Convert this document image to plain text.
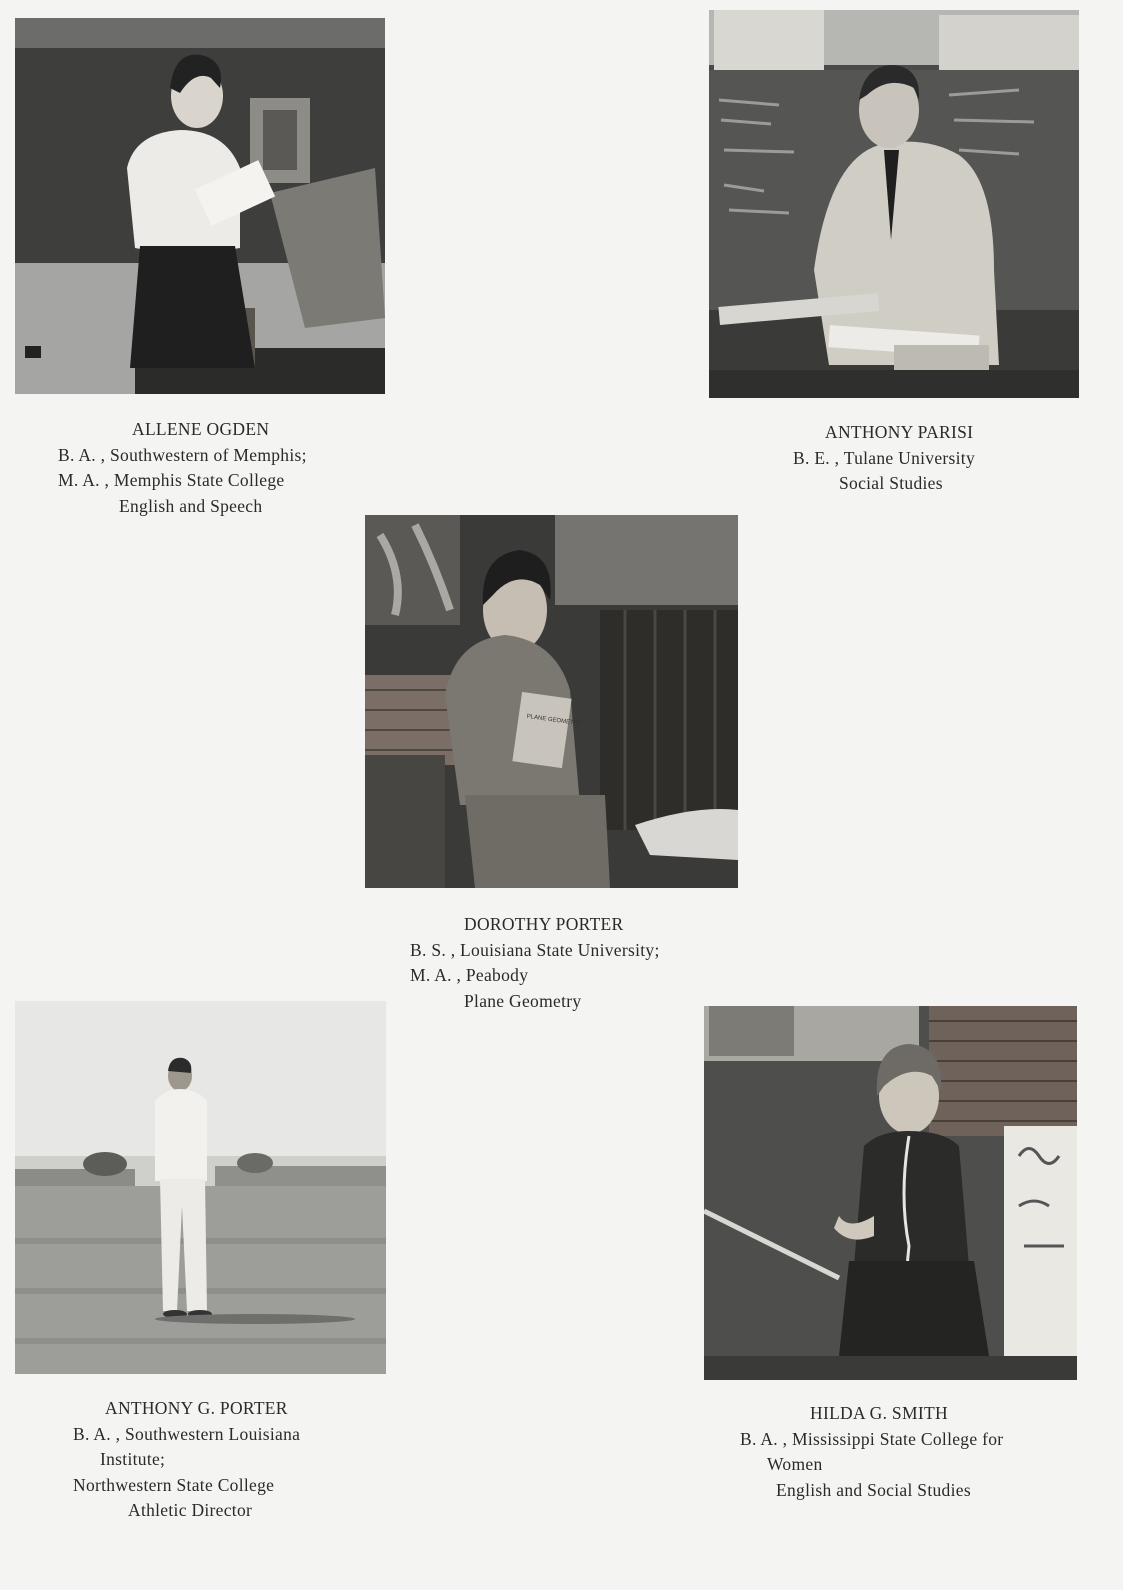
PLANE GEOMETRY
ALLENE OGDEN
B. A. , Southwestern of Memphis;
M. A. , Memphis State College
English and Speech
ANTHONY PARISI
B. E. , Tulane University
Social Studies
DOROTHY PORTER
B. S. , Louisiana State University;
M. A. , Peabody
Plane Geometry
ANTHONY G. PORTER
B. A. , Southwestern Louisiana
Institute;
Northwestern State College
Athletic Director
HILDA G. SMITH
B. A. , Mississippi State College for
Women
English and Social Studies
